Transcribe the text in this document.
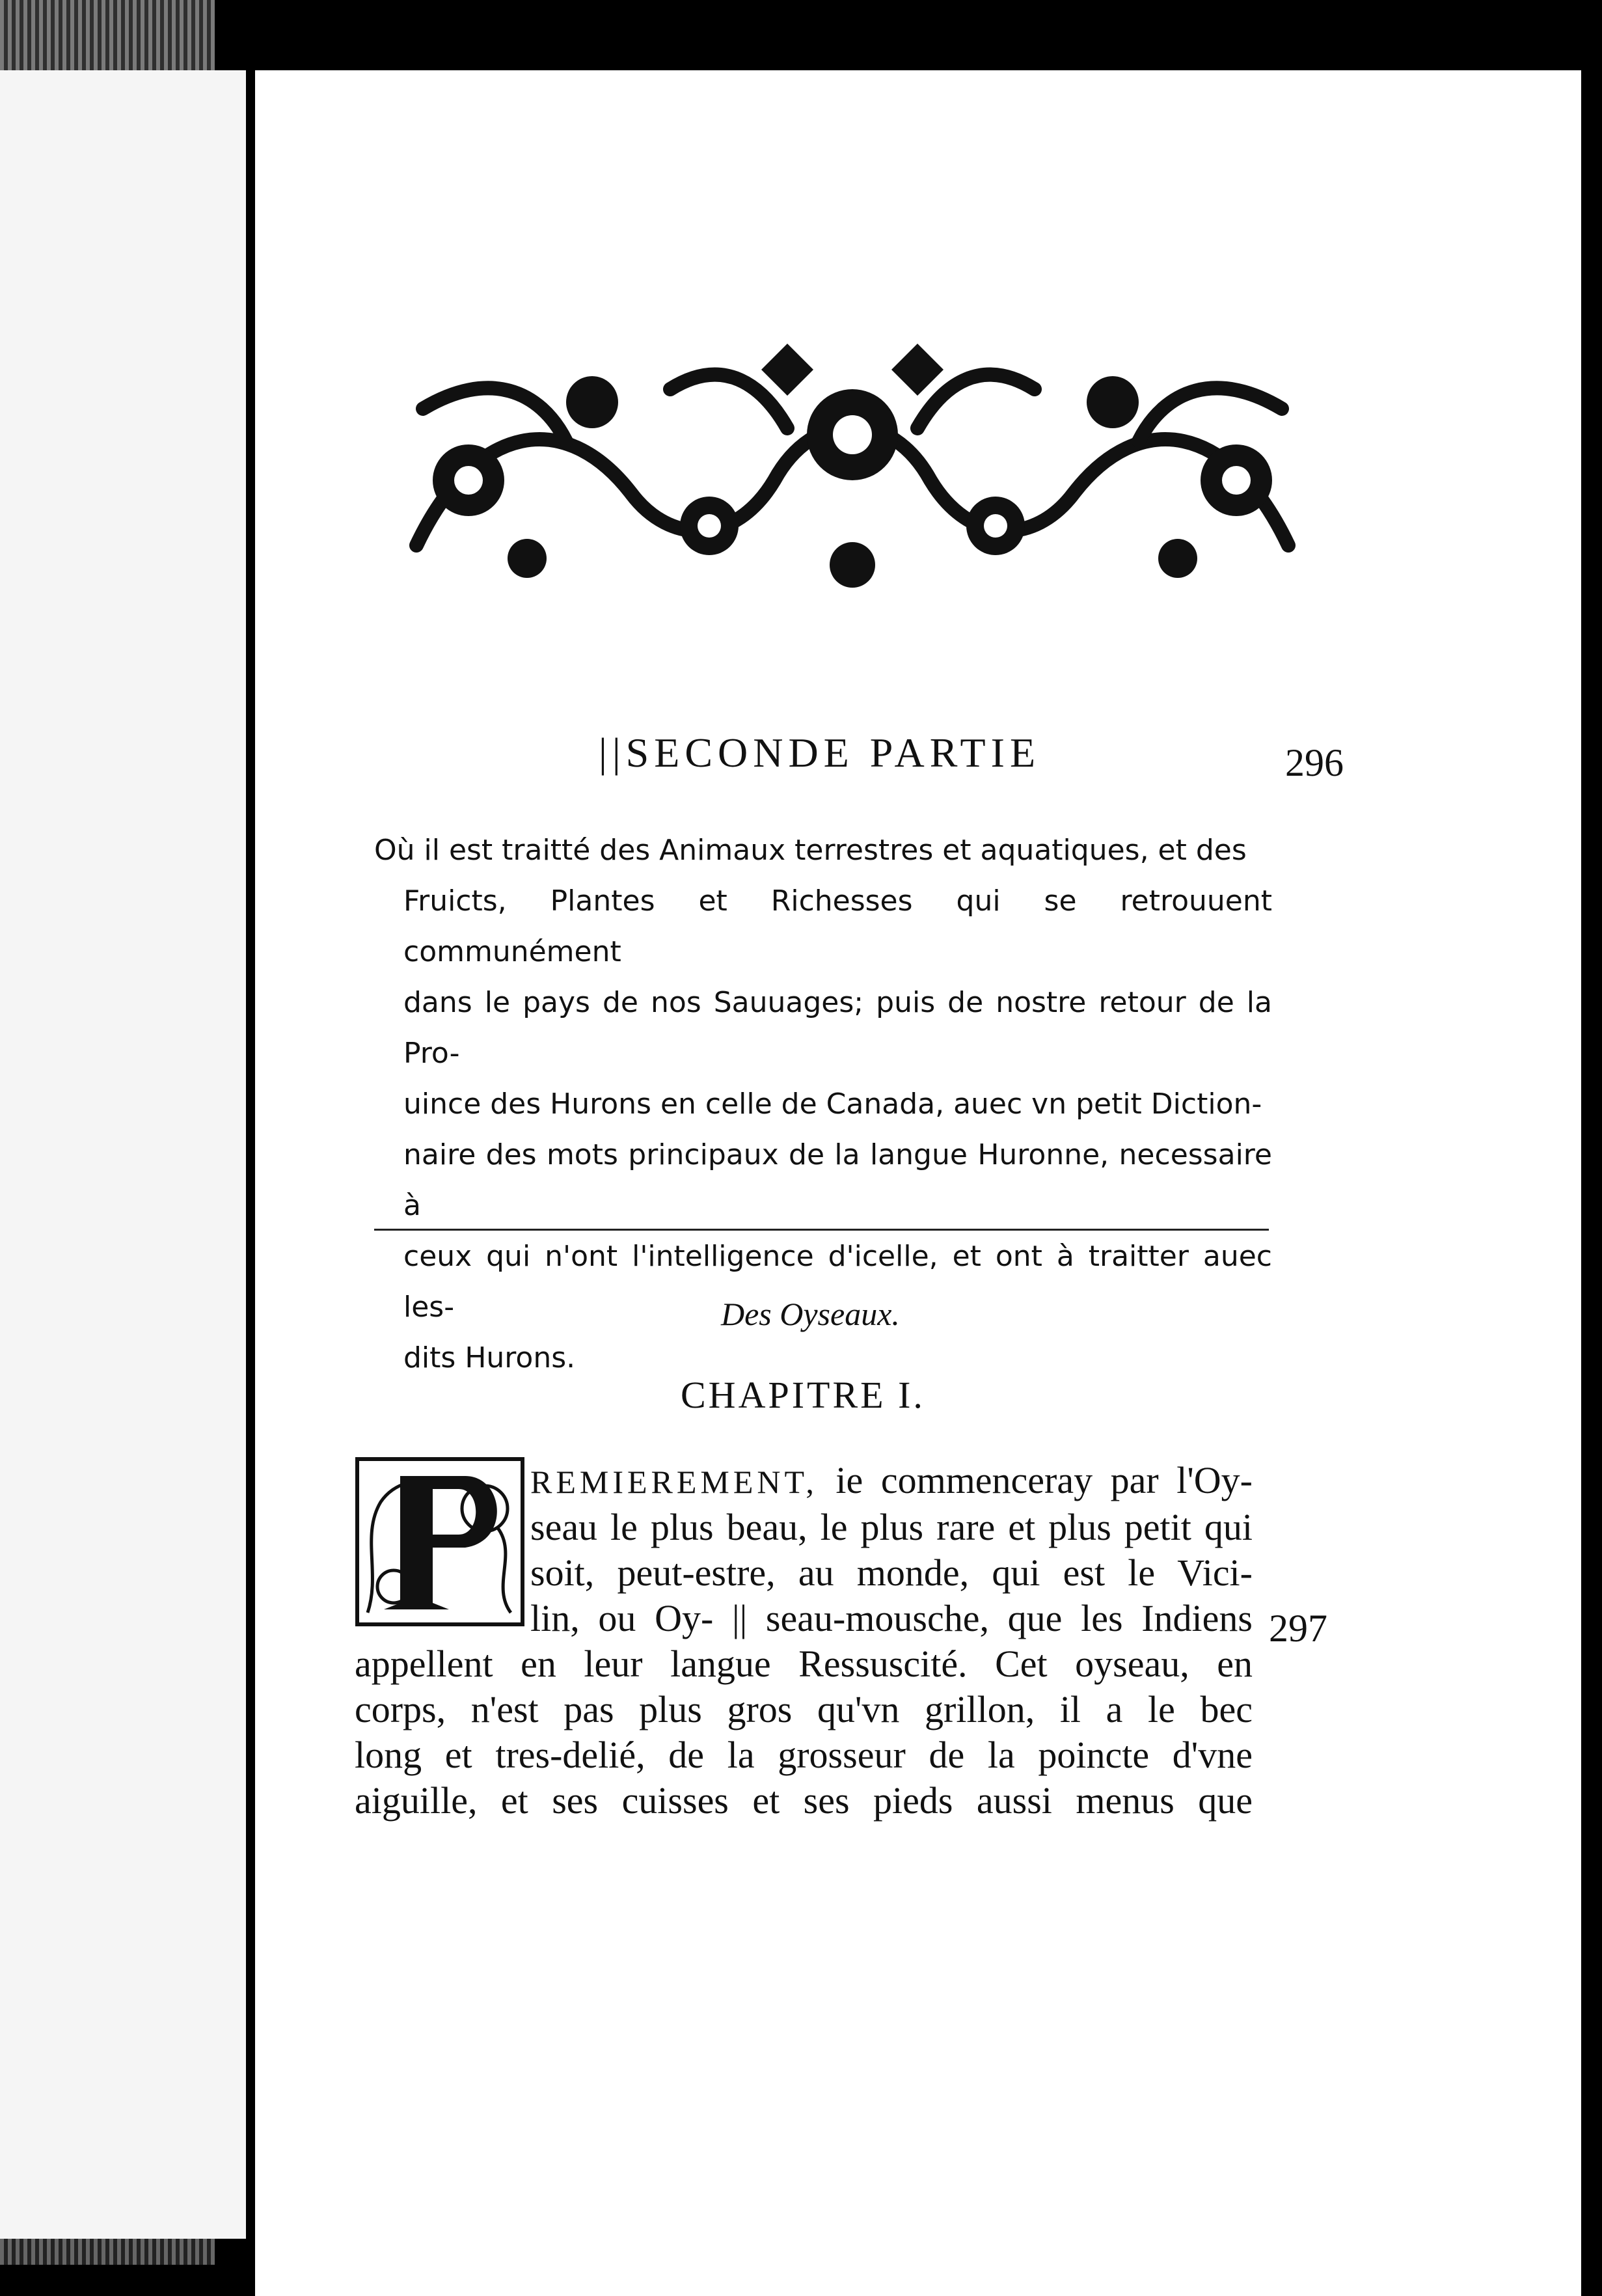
||SECONDE PARTIE	296
Où il est traitté des Animaux terrestres et aquatiques, et des
Fruicts, Plantes et Richesses qui se retrouuent communément
dans le pays de nos Sauuages; puis de nostre retour de la Pro-
uince des Hurons en celle de Canada, auec vn petit Diction-
naire des mots principaux de la langue Huronne, necessaire à
ceux qui n'ont l'intelligence d'icelle, et ont à traitter auec les-
dits Hurons.
Des Oyseaux.
CHAPITRE I.
REMIEREMENT, ie commenceray par l'Oy-
seau le plus beau, le plus rare et plus petit qui
soit, peut-estre, au monde, qui est le Vici-
lin, ou Oy- || seau-mousche, que les Indiens
appellent en leur langue Ressuscité. Cet oyseau, en
corps, n'est pas plus gros qu'vn grillon, il a le bec
long et tres-delié, de la grosseur de la poincte d'vne
aiguille, et ses cuisses et ses pieds aussi menus que
297
